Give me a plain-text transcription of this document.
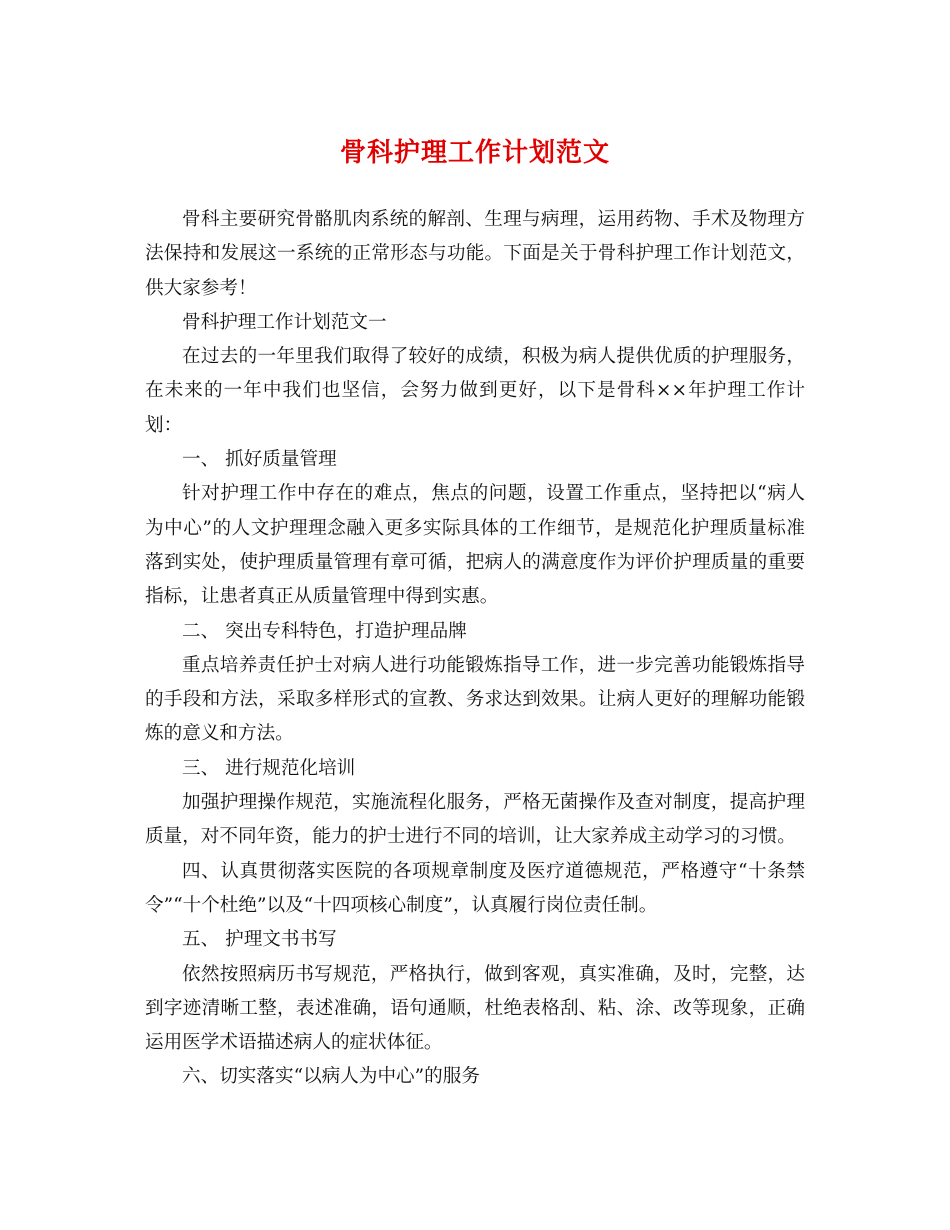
骨科护理工作计划范文

骨科主要研究骨骼肌肉系统的解剖、生理与病理，运用药物、手术及物理方法保持和发展这一系统的正常形态与功能。下面是关于骨科护理工作计划范文，供大家参考！

骨科护理工作计划范文一

在过去的一年里我们取得了较好的成绩，积极为病人提供优质的护理服务，在未来的一年中我们也坚信，会努力做到更好，以下是骨科××年护理工作计划：

一、 抓好质量管理

针对护理工作中存在的难点，焦点的问题，设置工作重点，坚持把以“病人为中心”的人文护理理念融入更多实际具体的工作细节，是规范化护理质量标准落到实处，使护理质量管理有章可循，把病人的满意度作为评价护理质量的重要指标，让患者真正从质量管理中得到实惠。

二、 突出专科特色，打造护理品牌

重点培养责任护士对病人进行功能锻炼指导工作，进一步完善功能锻炼指导的手段和方法，采取多样形式的宣教、务求达到效果。让病人更好的理解功能锻炼的意义和方法。

三、 进行规范化培训

加强护理操作规范，实施流程化服务，严格无菌操作及查对制度，提高护理质量，对不同年资，能力的护士进行不同的培训，让大家养成主动学习的习惯。

四、认真贯彻落实医院的各项规章制度及医疗道德规范，严格遵守“十条禁令”“十个杜绝”以及“十四项核心制度”，认真履行岗位责任制。

五、 护理文书书写

依然按照病历书写规范，严格执行，做到客观，真实准确，及时，完整，达到字迹清晰工整，表述准确，语句通顺，杜绝表格刮、粘、涂、改等现象，正确运用医学术语描述病人的症状体征。

六、切实落实“以病人为中心”的服务
